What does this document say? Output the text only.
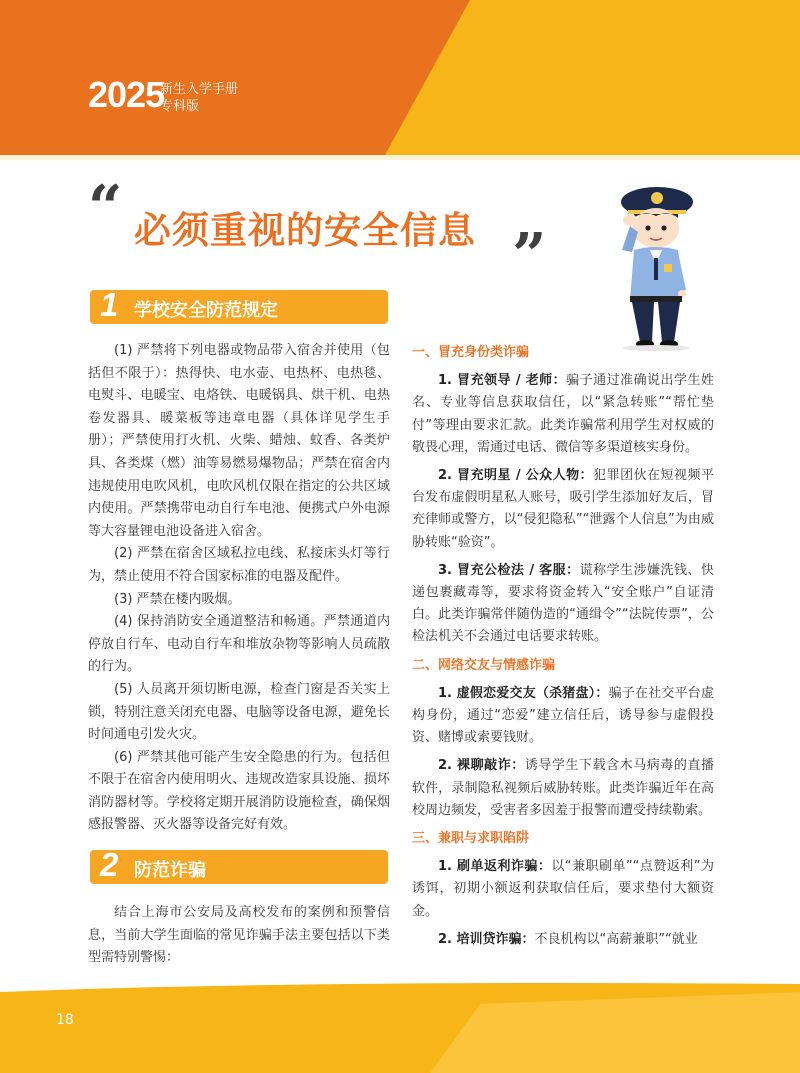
2025
新生入学手册
专科版
“ 必须重视的安全信息 ”
1 学校安全防范规定

(1) 严禁将下列电器或物品带入宿舍并使用（包括但不限于）：热得快、电水壶、电热杯、电热毯、电熨斗、电暖宝、电烙铁、电暖锅具、烘干机、电热卷发器具、暖菜板等违章电器（具体详见学生手册）；严禁使用打火机、火柴、蜡烛、蚊香、各类炉具、各类煤（燃）油等易燃易爆物品；严禁在宿舍内违规使用电吹风机，电吹风机仅限在指定的公共区域内使用。严禁携带电动自行车电池、便携式户外电源等大容量锂电池设备进入宿舍。

(2) 严禁在宿舍区域私拉电线、私接床头灯等行为，禁止使用不符合国家标准的电器及配件。

(3) 严禁在楼内吸烟。

(4) 保持消防安全通道整洁和畅通。严禁通道内停放自行车、电动自行车和堆放杂物等影响人员疏散的行为。

(5) 人员离开须切断电源，检查门窗是否关实上锁，特别注意关闭充电器、电脑等设备电源，避免长时间通电引发火灾。

(6) 严禁其他可能产生安全隐患的行为。包括但不限于在宿舍内使用明火、违规改造家具设施、损坏消防器材等。学校将定期开展消防设施检查，确保烟感报警器、灭火器等设备完好有效。

2 防范诈骗

结合上海市公安局及高校发布的案例和预警信息，当前大学生面临的常见诈骗手法主要包括以下类型需特别警惕：

一、冒充身份类诈骗

1. 冒充领导 / 老师：骗子通过准确说出学生姓名、专业等信息获取信任，以“紧急转账”“帮忙垫付”等理由要求汇款。此类诈骗常利用学生对权威的敬畏心理，需通过电话、微信等多渠道核实身份。

2. 冒充明星 / 公众人物：犯罪团伙在短视频平台发布虚假明星私人账号，吸引学生添加好友后，冒充律师或警方，以“侵犯隐私”“泄露个人信息”为由威胁转账“验资”。

3. 冒充公检法 / 客服：谎称学生涉嫌洗钱、快递包裹藏毒等，要求将资金转入“安全账户”自证清白。此类诈骗常伴随伪造的“通缉令”“法院传票”，公检法机关不会通过电话要求转账。

二、网络交友与情感诈骗

1. 虚假恋爱交友（杀猪盘）：骗子在社交平台虚构身份，通过“恋爱”建立信任后，诱导参与虚假投资、赌博或索要钱财。

2. 裸聊敲诈：诱导学生下载含木马病毒的直播软件，录制隐私视频后威胁转账。此类诈骗近年在高校周边频发，受害者多因羞于报警而遭受持续勒索。

三、兼职与求职陷阱

1. 刷单返利诈骗：以“兼职刷单”“点赞返利”为诱饵，初期小额返利获取信任后，要求垫付大额资金。

2. 培训贷诈骗：不良机构以“高薪兼职”“就业

18
